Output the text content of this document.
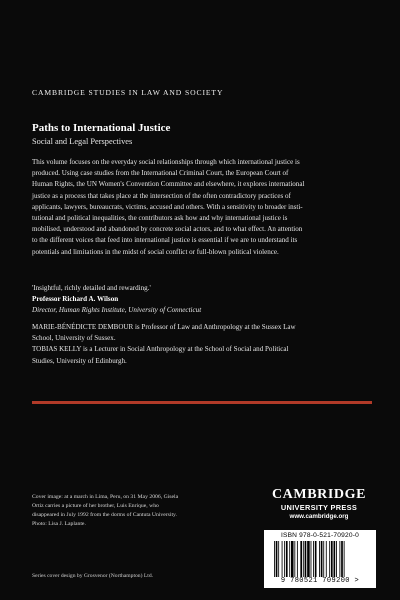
CAMBRIDGE STUDIES IN LAW AND SOCIETY
Paths to International Justice
Social and Legal Perspectives
This volume focuses on the everyday social relationships through which international justice is
produced. Using case studies from the International Criminal Court, the European Court of
Human Rights, the UN Women's Convention Committee and elsewhere, it explores international
justice as a process that takes place at the intersection of the often contradictory practices of
applicants, lawyers, bureaucrats, victims, accused and others. With a sensitivity to broader insti-
tutional and political inequalities, the contributors ask how and why international justice is
mobilised, understood and abandoned by concrete social actors, and to what effect. An attention
to the different voices that feed into international justice is essential if we are to understand its
potentials and limitations in the midst of social conflict or full-blown political violence.
'Insightful, richly detailed and rewarding.'
Professor Richard A. Wilson
Director, Human Rights Institute, University of Connecticut
MARIE-BÉNÉDICTE DEMBOUR is Professor of Law and Anthropology at the Sussex Law
School, University of Sussex.
TOBIAS KELLY is a Lecturer in Social Anthropology at the School of Social and Political
Studies, University of Edinburgh.
Cover image: at a march in Lima, Peru, on 31 May 2006, Gisela
Ortiz carries a picture of her brother, Luis Enrique, who
disappeared in July 1992 from the dorms of Cantuta University.
Photo: Lisa J. Laplante.
Series cover design by Grosvenor (Northampton) Ltd.
CAMBRIDGE
UNIVERSITY PRESS
www.cambridge.org
ISBN 978-0-521-70920-0
9 780521 709200 >
